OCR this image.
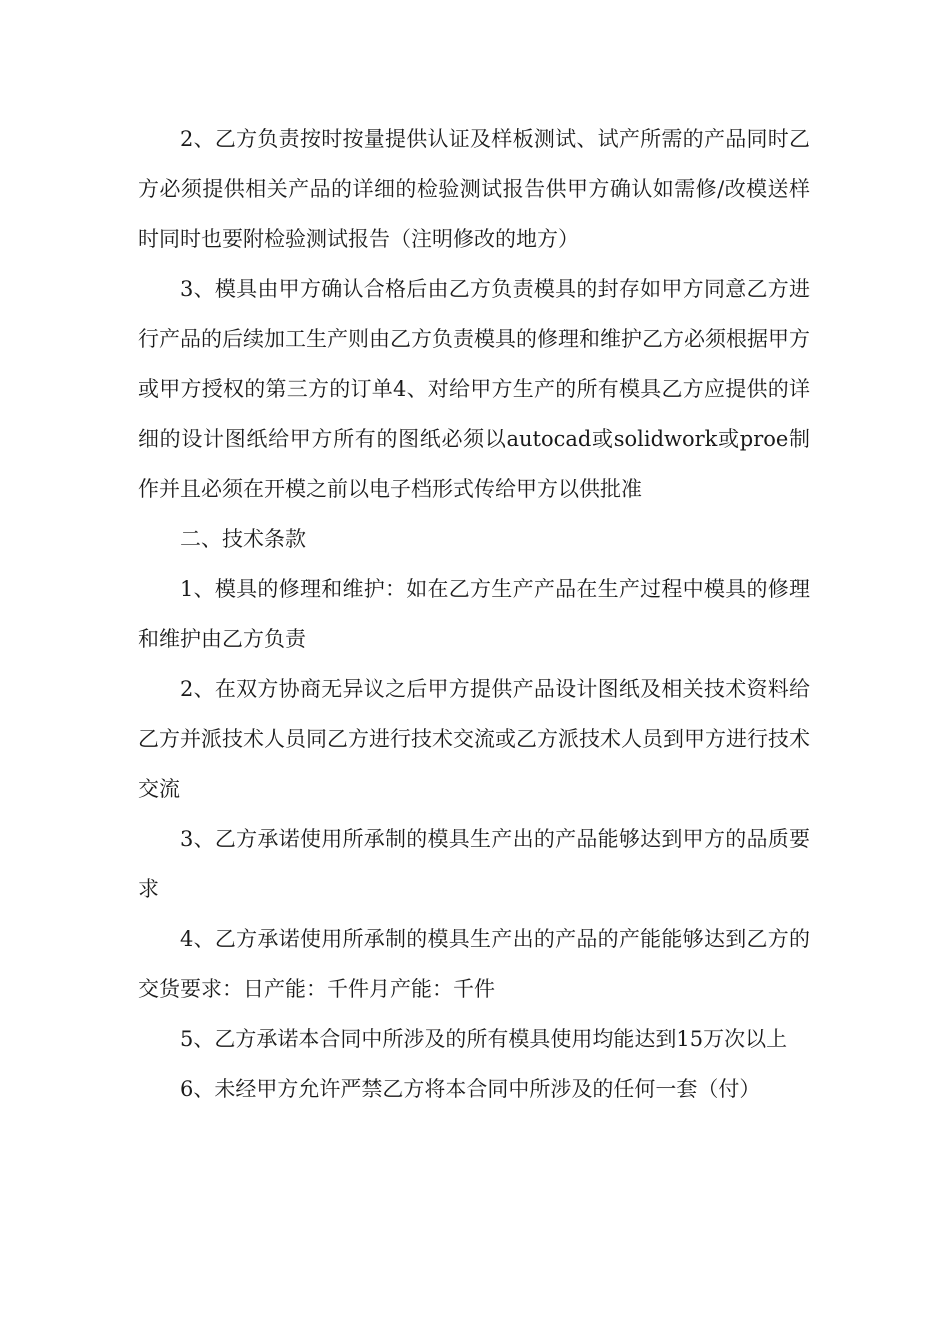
2、乙方负责按时按量提供认证及样板测试、试产所需的产品同时乙方必须提供相关产品的详细的检验测试报告供甲方确认如需修/改模送样时同时也要附检验测试报告（注明修改的地方）

3、模具由甲方确认合格后由乙方负责模具的封存如甲方同意乙方进行产品的后续加工生产则由乙方负责模具的修理和维护乙方必须根据甲方或甲方授权的第三方的订单4、对给甲方生产的所有模具乙方应提供的详细的设计图纸给甲方所有的图纸必须以autocad或solidwork或proe制作并且必须在开模之前以电子档形式传给甲方以供批准

二、技术条款

1、模具的修理和维护：如在乙方生产产品在生产过程中模具的修理和维护由乙方负责

2、在双方协商无异议之后甲方提供产品设计图纸及相关技术资料给乙方并派技术人员同乙方进行技术交流或乙方派技术人员到甲方进行技术交流

3、乙方承诺使用所承制的模具生产出的产品能够达到甲方的品质要求

4、乙方承诺使用所承制的模具生产出的产品的产能能够达到乙方的交货要求：日产能：千件月产能：千件

5、乙方承诺本合同中所涉及的所有模具使用均能达到15万次以上

6、未经甲方允许严禁乙方将本合同中所涉及的任何一套（付）
